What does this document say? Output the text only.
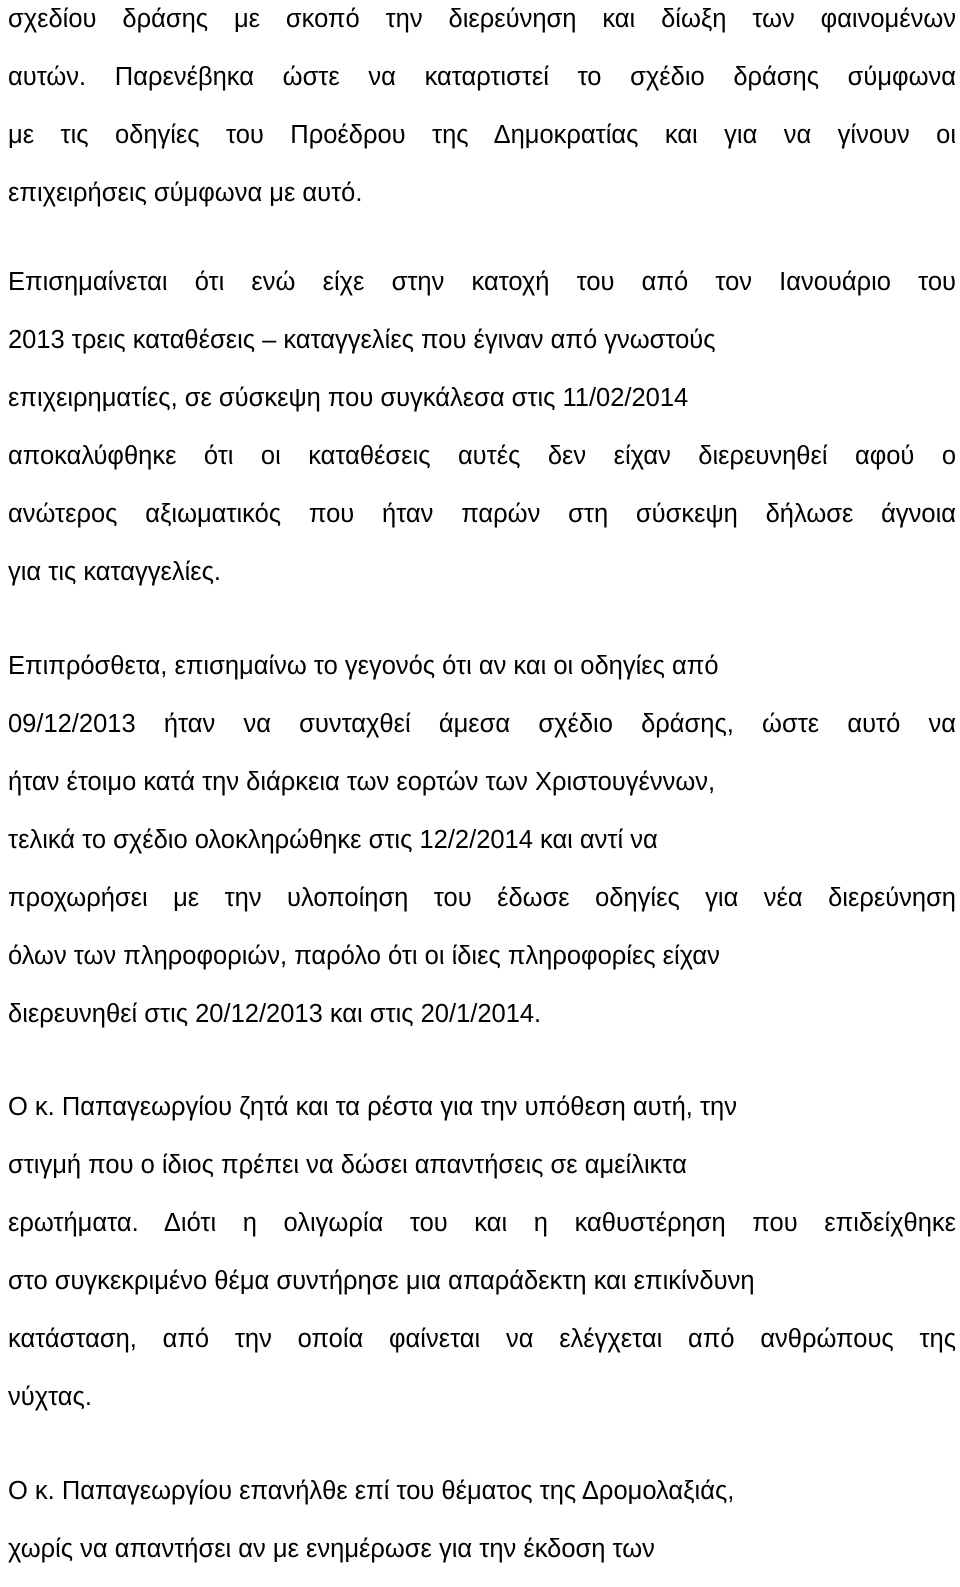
σχεδίου δράσης με σκοπό την διερεύνηση και δίωξη των φαινομένων
αυτών. Παρενέβηκα ώστε να καταρτιστεί το σχέδιο δράσης σύμφωνα
με τις οδηγίες του Προέδρου της Δημοκρατίας και για να γίνουν οι
επιχειρήσεις σύμφωνα με αυτό.
Επισημαίνεται ότι ενώ είχε στην κατοχή του από τον Ιανουάριο του
2013 τρεις καταθέσεις – καταγγελίες που έγιναν από γνωστούς
επιχειρηματίες, σε σύσκεψη που συγκάλεσα στις 11/02/2014
αποκαλύφθηκε ότι οι καταθέσεις αυτές δεν είχαν διερευνηθεί αφού ο
ανώτερος αξιωματικός που ήταν παρών στη σύσκεψη δήλωσε άγνοια
για τις καταγγελίες.
Επιπρόσθετα, επισημαίνω το γεγονός ότι αν και οι οδηγίες από
09/12/2013 ήταν να συνταχθεί άμεσα σχέδιο δράσης, ώστε αυτό να
ήταν έτοιμο κατά την διάρκεια των εορτών των Χριστουγέννων,
τελικά το σχέδιο ολοκληρώθηκε στις 12/2/2014 και αντί να
προχωρήσει με την υλοποίηση του έδωσε οδηγίες για νέα διερεύνηση
όλων των πληροφοριών, παρόλο ότι οι ίδιες πληροφορίες είχαν
διερευνηθεί στις 20/12/2013 και στις 20/1/2014.
Ο κ. Παπαγεωργίου ζητά και τα ρέστα για την υπόθεση αυτή, την
στιγμή που ο ίδιος πρέπει να δώσει απαντήσεις σε αμείλικτα
ερωτήματα. Διότι η ολιγωρία του και η καθυστέρηση που επιδείχθηκε
στο συγκεκριμένο θέμα συντήρησε μια απαράδεκτη και επικίνδυνη
κατάσταση, από την οποία φαίνεται να ελέγχεται από ανθρώπους της
νύχτας.
Ο κ. Παπαγεωργίου επανήλθε επί του θέματος της Δρομολαξιάς,
χωρίς να απαντήσει αν με ενημέρωσε για την έκδοση των
